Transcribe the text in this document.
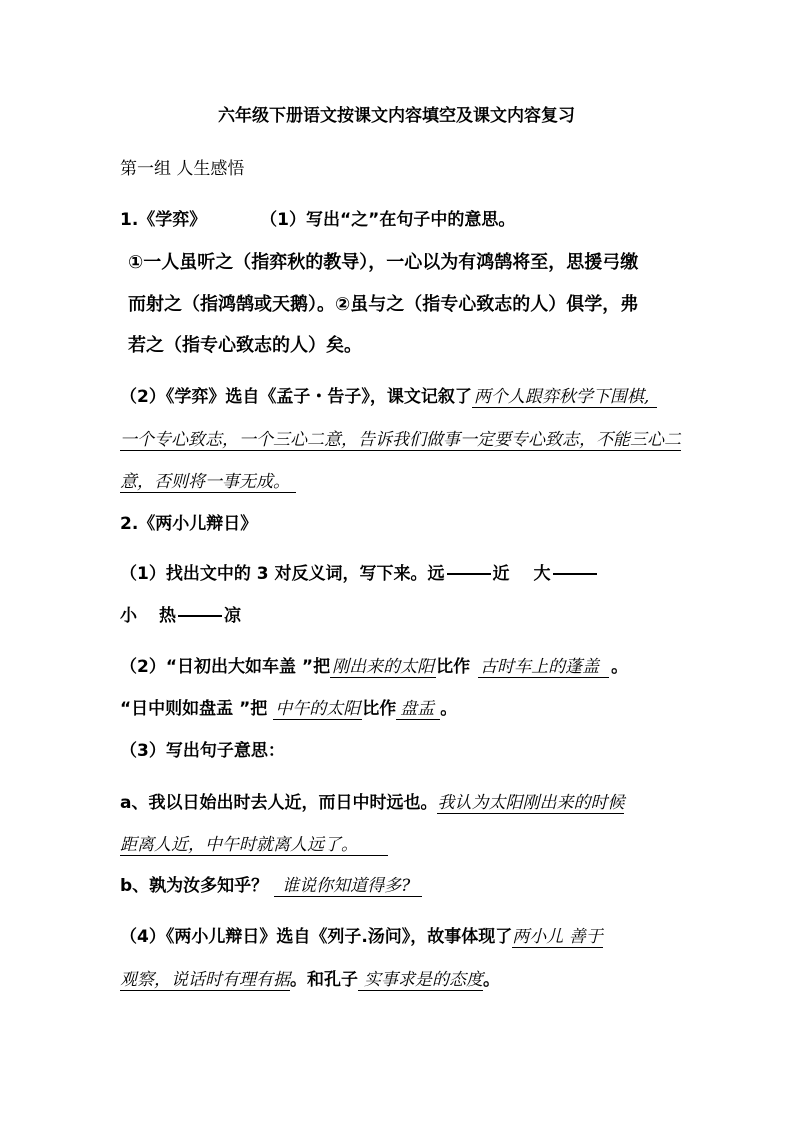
六年级下册语文按课文内容填空及课文内容复习
第一组 人生感悟
1.《学弈》	（1）写出“之”在句子中的意思。
①一人虽听之（指弈秋的教导），一心以为有鸿鹄将至，思援弓缴
而射之（指鸿鹄或天鹅）。②虽与之（指专心致志的人）俱学，弗
若之（指专心致志的人）矣。
（2）《学弈》选自《孟子・告子》，课文记叙了 两个人跟弈秋学下围棋,
一个专心致志，一个三心二意，告诉我们做事一定要专心致志，不能三心二
意，否则将一事无成。
2.《两小儿辩日》
（1）找出文中的 3 对反义词，写下来。远	近 大
小 热	凉
（2）“日初出大如车盖 ”把 刚出来的太阳 比作 古时车上的蓬盖 。
“日中则如盘盂 ”把 中午的太阳 比作 盘盂 。
（3）写出句子意思：
a、我以日始出时去人近，而日中时远也。我认为太阳刚出来的时候
距离人近，中午时就离人远了。
b、孰为汝多知乎？ 谁说你知道得多?
（4）《两小儿辩日》选自《列子.汤问》，故事体现了两小儿 善于
观察，说话时有理有据。和孔子 实事求是的态度。
